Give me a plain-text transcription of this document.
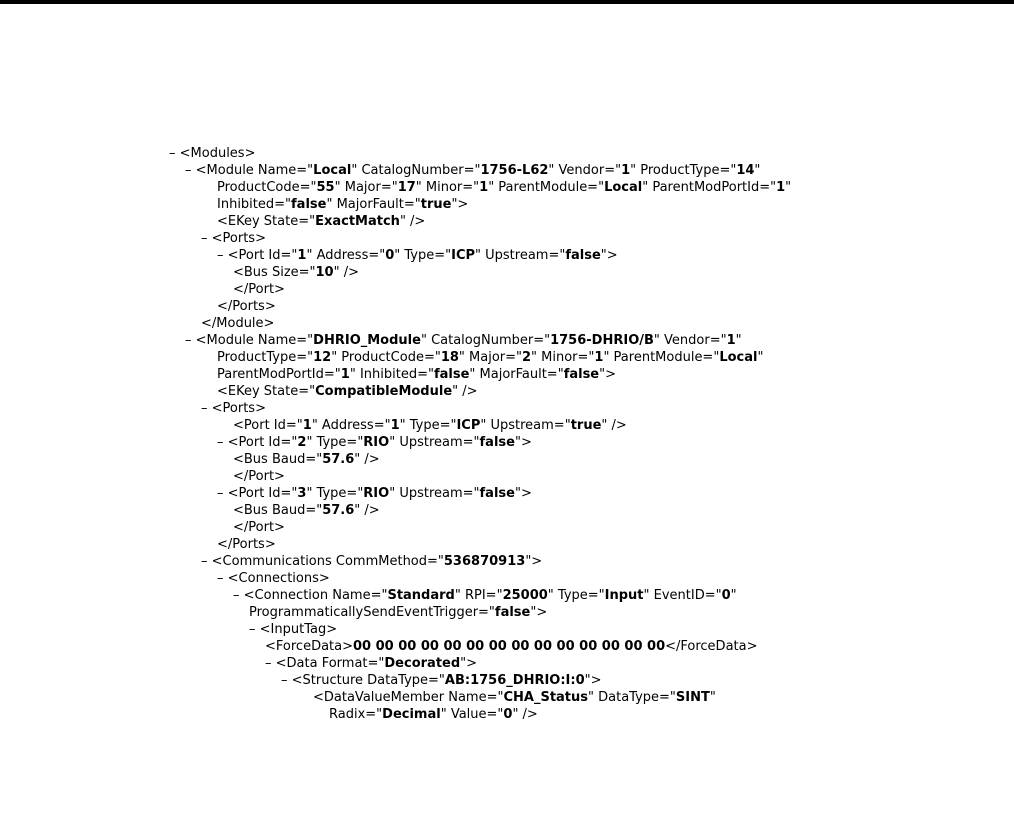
– <Modules>
– <Module Name="Local" CatalogNumber="1756-L62" Vendor="1" ProductType="14"
ProductCode="55" Major="17" Minor="1" ParentModule="Local" ParentModPortId="1"
Inhibited="false" MajorFault="true">
<EKey State="ExactMatch" />
– <Ports>
– <Port Id="1" Address="0" Type="ICP" Upstream="false">
<Bus Size="10" />
</Port>
</Ports>
</Module>
– <Module Name="DHRIO_Module" CatalogNumber="1756-DHRIO/B" Vendor="1"
ProductType="12" ProductCode="18" Major="2" Minor="1" ParentModule="Local"
ParentModPortId="1" Inhibited="false" MajorFault="false">
<EKey State="CompatibleModule" />
– <Ports>
<Port Id="1" Address="1" Type="ICP" Upstream="true" />
– <Port Id="2" Type="RIO" Upstream="false">
<Bus Baud="57.6" />
</Port>
– <Port Id="3" Type="RIO" Upstream="false">
<Bus Baud="57.6" />
</Port>
</Ports>
– <Communications CommMethod="536870913">
– <Connections>
– <Connection Name="Standard" RPI="25000" Type="Input" EventID="0"
ProgrammaticallySendEventTrigger="false">
– <InputTag>
<ForceData>00 00 00 00 00 00 00 00 00 00 00 00 00 00</ForceData>
– <Data Format="Decorated">
– <Structure DataType="AB:1756_DHRIO:I:0">
<DataValueMember Name="CHA_Status" DataType="SINT"
Radix="Decimal" Value="0" />
